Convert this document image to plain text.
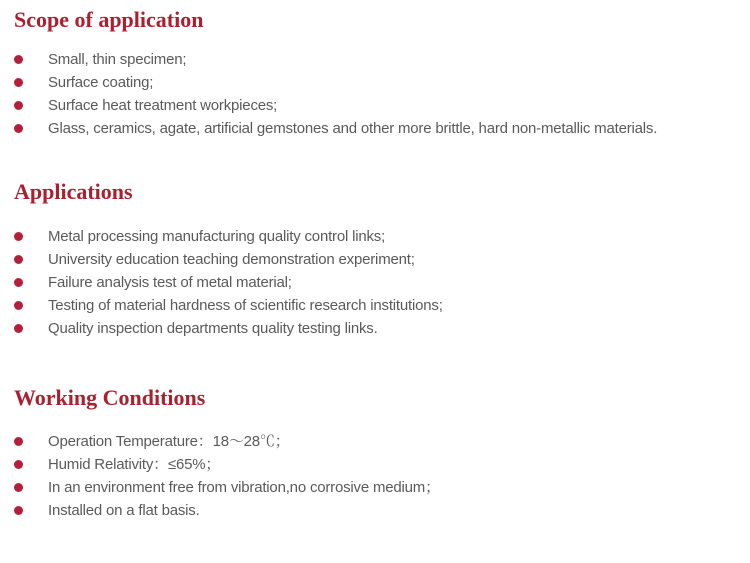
Scope of application
Small, thin specimen;
Surface coating;
Surface heat treatment workpieces;
Glass, ceramics, agate, artificial gemstones and other more brittle, hard non-metallic materials.
Applications
Metal processing manufacturing quality control links;
University education teaching demonstration experiment;
Failure analysis test of metal material;
Testing of material hardness of scientific research institutions;
Quality inspection departments quality testing links.
Working Conditions
Operation Temperature：18～28℃；
Humid Relativity：≤65%；
In an environment free from vibration,no corrosive medium；
Installed on a flat basis.
